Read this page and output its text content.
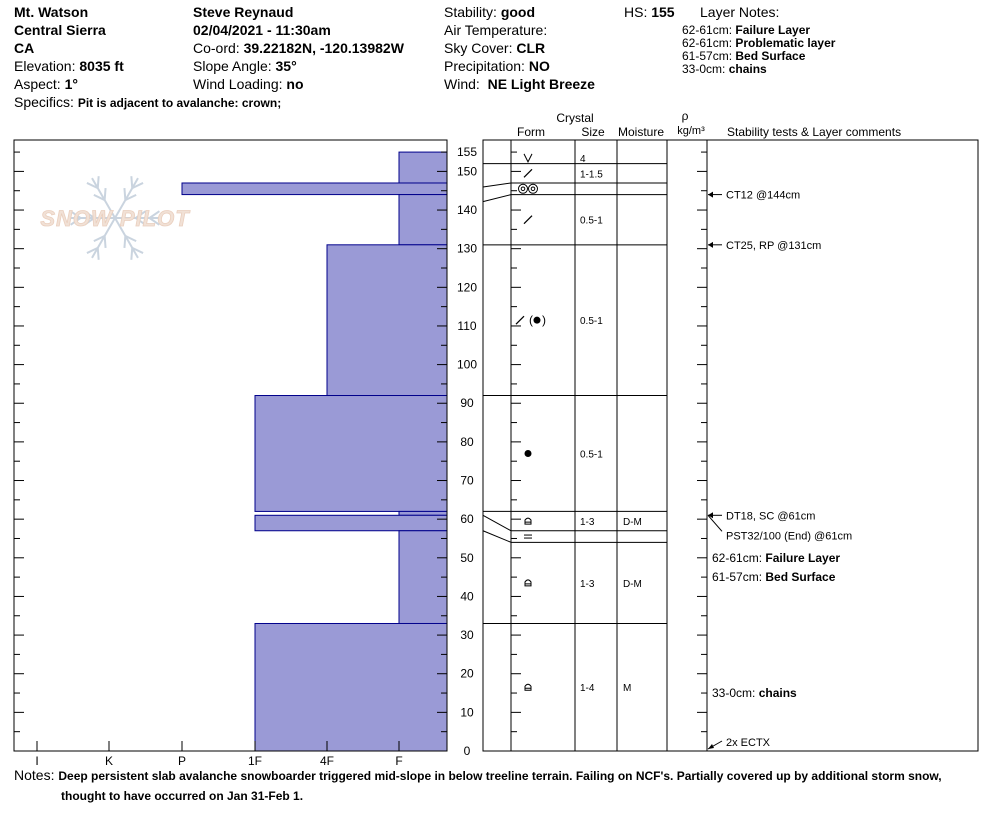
Mt. Watson
Central Sierra
CA
Elevation: 8035 ft
Aspect: 1°
Specifics: Pit is adjacent to avalanche: crown;
Steve Reynaud
02/04/2021 - 11:30am
Co-ord: 39.22182N, -120.13982W
Slope Angle: 35°
Wind Loading: no
Stability: good
Air Temperature:
Sky Cover: CLR
Precipitation: NO
Wind: NE Light Breeze
HS: 155 Layer Notes:
62-61cm: Failure Layer
62-61cm: Problematic layer
61-57cm: Bed Surface
33-0cm: chains
SNOW PILOT
0
10
20
30
40
50
60
70
80
90
100
110
120
130
140
150
155
I	K	P	1F	4F	F
4
1-1.5
0.5-1
( )	0.5-1
0.5-1
1-3	D-M
1-3	D-M
1-4	M
CT12 @144cm
CT25, RP @131cm
DT18, SC @61cm
PST32/100 (End) @61cm
2x ECTX
62-61cm: Failure Layer
61-57cm: Bed Surface
33-0cm: chains
Crystal
Form	Size Moisture
ρ
kg/m³ Stability tests & Layer comments
Notes: Deep persistent slab avalanche snowboarder triggered mid-slope in below treeline terrain. Failing on NCF's. Partially covered up by additional storm snow,
thought to have occurred on Jan 31-Feb 1.
